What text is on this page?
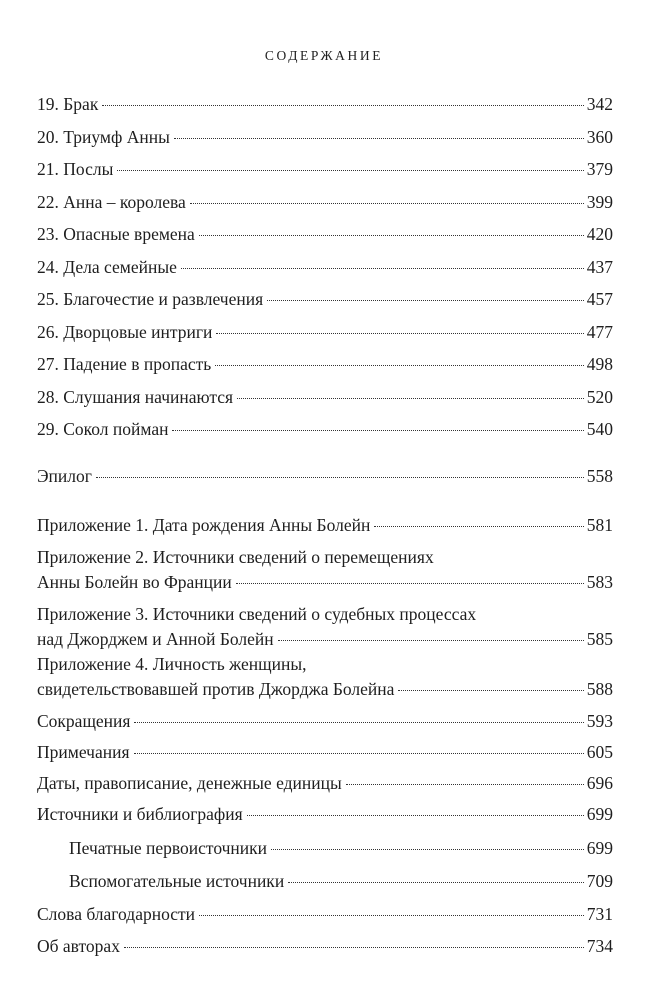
СОДЕРЖАНИЕ
19. Брак	342
20. Триумф Анны	360
21. Послы	379
22. Анна – королева	399
23. Опасные времена	420
24. Дела семейные	437
25. Благочестие и развлечения	457
26. Дворцовые интриги	477
27. Падение в пропасть	498
28. Слушания начинаются	520
29. Сокол пойман	540
Эпилог	558
Приложение 1. Дата рождения Анны Болейн	581
Приложение 2. Источники сведений о перемещениях
Анны Болейн во Франции	583
Приложение 3. Источники сведений о судебных процессах
над Джорджем и Анной Болейн	585
Приложение 4. Личность женщины,
свидетельствовавшей против Джорджа Болейна	588
Сокращения	593
Примечания	605
Даты, правописание, денежные единицы	696
Источники и библиография	699
Печатные первоисточники	699
Вспомогательные источники	709
Слова благодарности	731
Об авторах	734
